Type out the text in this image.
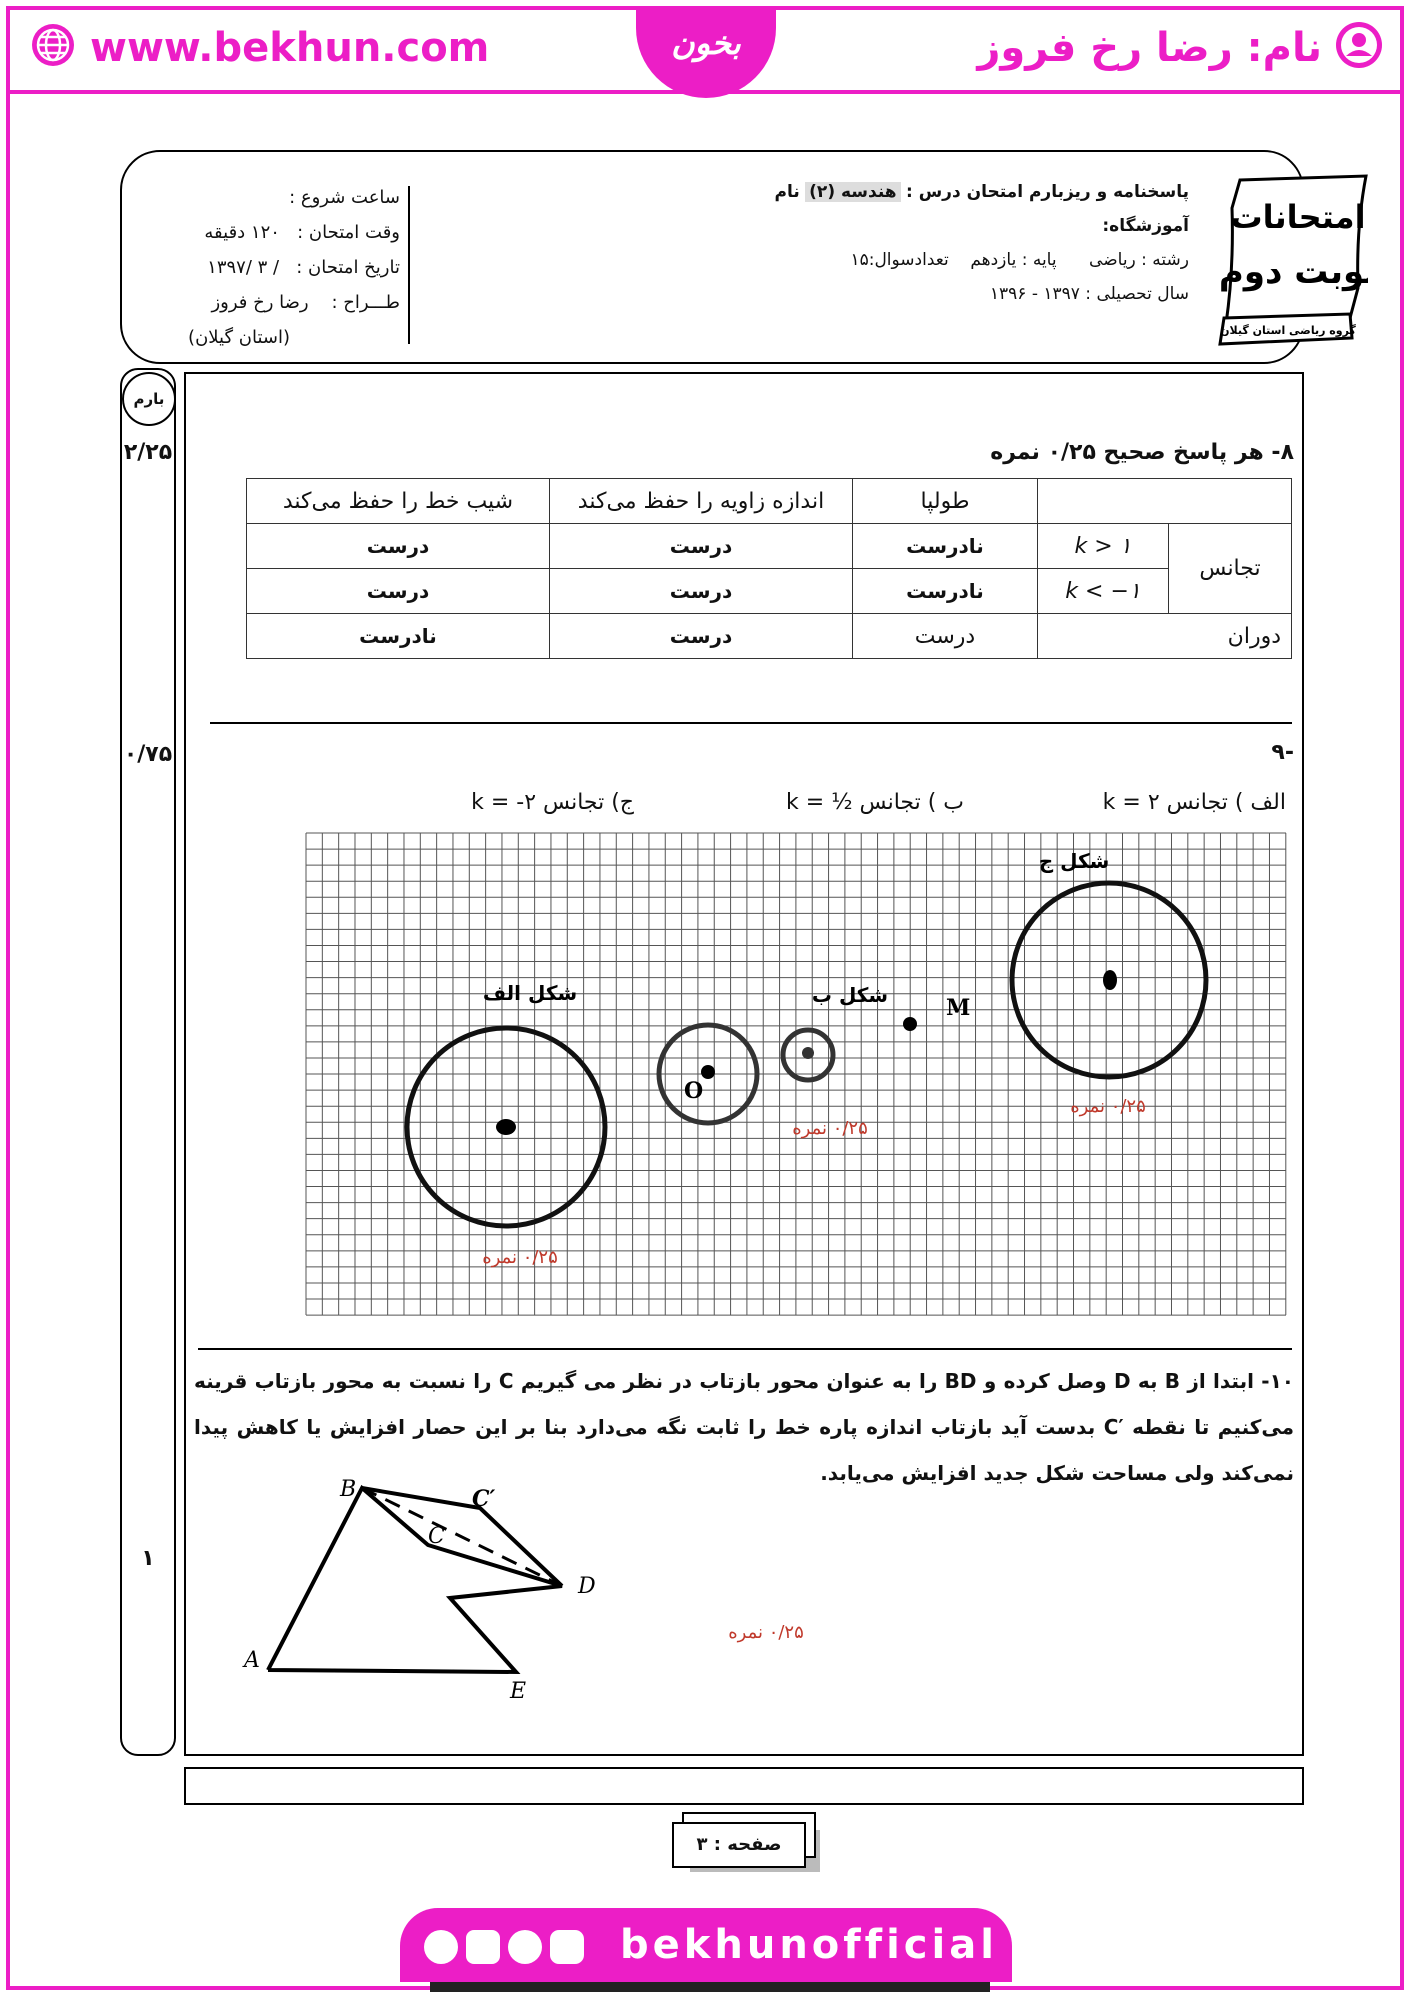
www.bekhun.com	بخون	نام: رضا رخ فروز
پاسخنامه و ریزبارم امتحان درس : هندسه (۲) نام آموزشگاه:
رشته : ریاضی      پایه : یازدهم    تعدادسوال:۱۵
سال تحصیلی : ۱۳۹۷ - ۱۳۹۶
ساعت شروع :
وقت امتحان :   ۱۲۰ دقیقه
تاریخ امتحان :   / ۳ /۱۳۹۷
طـــراح :    رضا رخ فروز
(استان گیلان)
امتحانات
نوبت دوم
گروه ریاضی استان گیلان
بارم
۲/۲۵
۰/۷۵
۱
۸- هر پاسخ صحیح ۰/۲۵ نمره
		طولپا	اندازه زاویه را حفظ می‌کند	شیب خط را حفظ می‌کند
تجانس	k > ۱	نادرست	درست	درست
	k < −۱	نادرست	درست	درست
دوران		درست	درست	نادرست
-۹
الف ) تجانس ۲ = k
ب ) تجانس ½ = k
ج) تجانس ۲- = k
شکل الف	شکل ب
شکل ج
M
O
۰/۲۵ نمره
۰/۲۵ نمره
۰/۲۵ نمره
۱۰- ابتدا از B به D وصل کرده و BD را به عنوان محور بازتاب در نظر می گیریم C را نسبت به محور بازتاب قرینه می‌کنیم تا نقطه ′C بدست آید بازتاب اندازه پاره خط را ثابت نگه می‌دارد بنا بر این حصار افزایش یا کاهش پیدا نمی‌کند ولی مساحت شکل جدید افزایش می‌یابد.
B	C′
C
D
A
E
۰/۲۵ نمره
صفحه : ۳
bekhunofficial
